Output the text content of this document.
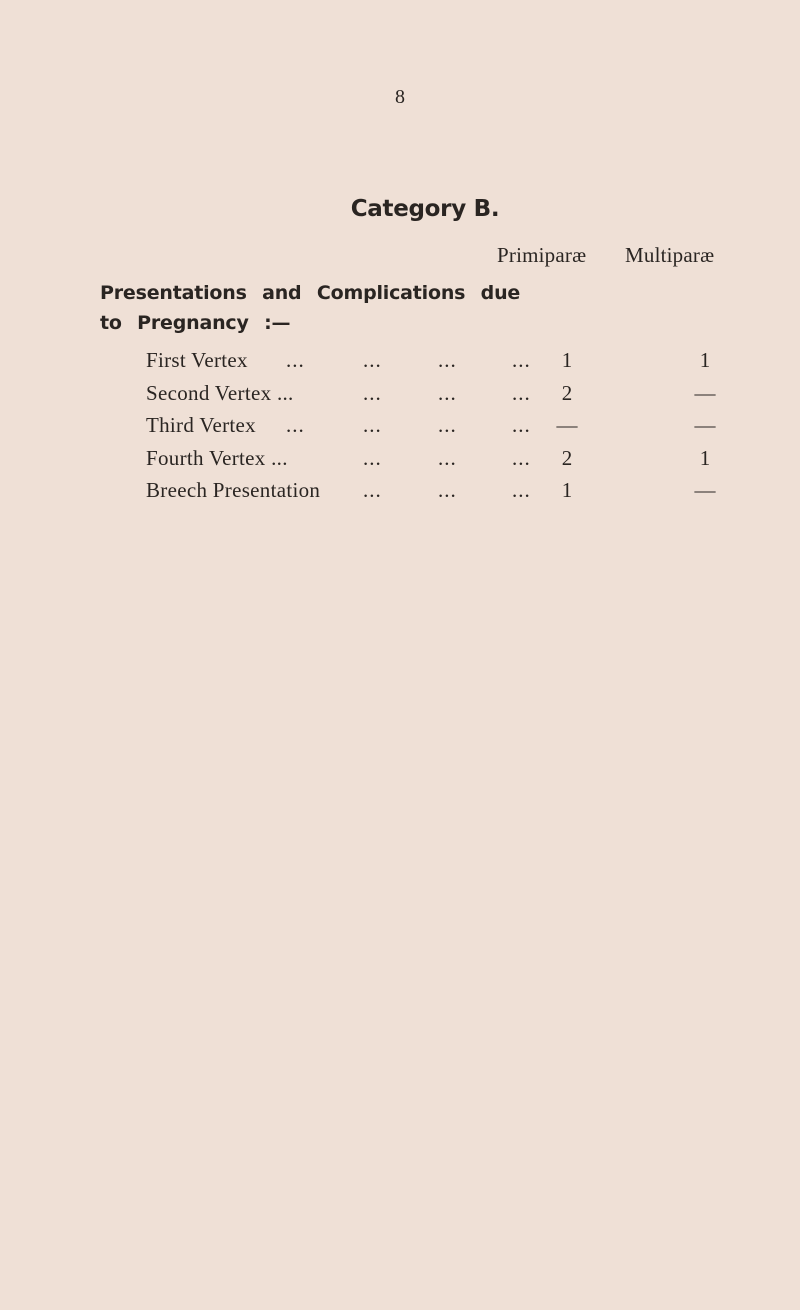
8
Category B.
Primiparæ Multiparæ
Presentations and Complications due to Pregnancy :—
First Vertex ...	...	...	...	1	1
Second Vertex ...	...	...	...	2	—
Third Vertex ...	...	...	...	—	—
Fourth Vertex ...	...	...	...	2	1
Breech Presentation ...	...	...	1	—
